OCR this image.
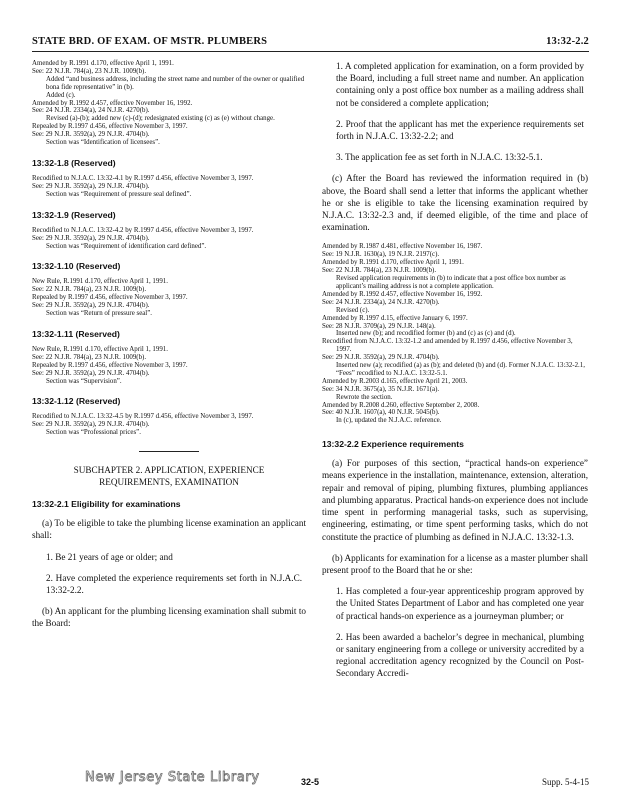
STATE BRD. OF EXAM. OF MSTR. PLUMBERS	13:32-2.2

Amended by R.1991 d.170, effective April 1, 1991.

See: 22 N.J.R. 784(a), 23 N.J.R. 1009(b).

Added “and business address, including the street name and number of the owner or qualified bona fide representative” in (b).

Added (c).

Amended by R.1992 d.457, effective November 16, 1992.

See: 24 N.J.R. 2334(a), 24 N.J.R. 4270(b).

Revised (a)-(b); added new (c)-(d); redesignated existing (c) as (e) without change.

Repealed by R.1997 d.456, effective November 3, 1997.

See: 29 N.J.R. 3592(a), 29 N.J.R. 4704(b).

Section was “Identification of licensees”.

13:32-1.8 (Reserved)

Recodified to N.J.A.C. 13:32-4.1 by R.1997 d.456, effective November 3, 1997.

See: 29 N.J.R. 3592(a), 29 N.J.R. 4704(b).

Section was “Requirement of pressure seal defined”.

13:32-1.9 (Reserved)

Recodified to N.J.A.C. 13:32-4.2 by R.1997 d.456, effective November 3, 1997.

See: 29 N.J.R. 3592(a), 29 N.J.R. 4704(b).

Section was “Requirement of identification card defined”.

13:32-1.10 (Reserved)

New Rule, R.1991 d.170, effective April 1, 1991.

See: 22 N.J.R. 784(a), 23 N.J.R. 1009(b).

Repealed by R.1997 d.456, effective November 3, 1997.

See: 29 N.J.R. 3592(a), 29 N.J.R. 4704(b).

Section was “Return of pressure seal”.

13:32-1.11 (Reserved)

New Rule, R.1991 d.170, effective April 1, 1991.

See: 22 N.J.R. 784(a), 23 N.J.R. 1009(b).

Repealed by R.1997 d.456, effective November 3, 1997.

See: 29 N.J.R. 3592(a), 29 N.J.R. 4704(b).

Section was “Supervision”.

13:32-1.12 (Reserved)

Recodified to N.J.A.C. 13:32-4.5 by R.1997 d.456, effective November 3, 1997.

See: 29 N.J.R. 3592(a), 29 N.J.R. 4704(b).

Section was “Professional prices”.

SUBCHAPTER 2. APPLICATION, EXPERIENCE
REQUIREMENTS, EXAMINATION

13:32-2.1 Eligibility for examinations

(a) To be eligible to take the plumbing license examination an applicant shall:

1. Be 21 years of age or older; and

2. Have completed the experience requirements set forth in N.J.A.C. 13:32-2.2.

(b) An applicant for the plumbing licensing examination shall submit to the Board:

1. A completed application for examination, on a form provided by the Board, including a full street name and number. An application containing only a post office box number as a mailing address shall not be considered a complete application;

2. Proof that the applicant has met the experience requirements set forth in N.J.A.C. 13:32-2.2; and

3. The application fee as set forth in N.J.A.C. 13:32-5.1.

(c) After the Board has reviewed the information required in (b) above, the Board shall send a letter that informs the applicant whether he or she is eligible to take the licensing examination required by N.J.A.C. 13:32-2.3 and, if deemed eligible, of the time and place of examination.

Amended by R.1987 d.481, effective November 16, 1987.

See: 19 N.J.R. 1630(a), 19 N.J.R. 2197(c).

Amended by R.1991 d.170, effective April 1, 1991.

See: 22 N.J.R. 784(a), 23 N.J.R. 1009(b).

Revised application requirements in (b) to indicate that a post office box number as applicant’s mailing address is not a complete application.

Amended by R.1992 d.457, effective November 16, 1992.

See: 24 N.J.R. 2334(a), 24 N.J.R. 4270(b).

Revised (c).

Amended by R.1997 d.15, effective January 6, 1997.

See: 28 N.J.R. 3709(a), 29 N.J.R. 148(a).

Inserted new (b); and recodified former (b) and (c) as (c) and (d).

Recodified from N.J.A.C. 13:32-1.2 and amended by R.1997 d.456, effective November 3, 1997.

See: 29 N.J.R. 3592(a), 29 N.J.R. 4704(b).

Inserted new (a); recodified (a) as (b); and deleted (b) and (d). Former N.J.A.C. 13:32-2.1, “Fees” recodified to N.J.A.C. 13:32-5.1.

Amended by R.2003 d.165, effective April 21, 2003.

See: 34 N.J.R. 3675(a), 35 N.J.R. 1671(a).

Rewrote the section.

Amended by R.2008 d.260, effective September 2, 2008.

See: 40 N.J.R. 1607(a), 40 N.J.R. 5045(b).

In (c), updated the N.J.A.C. reference.

13:32-2.2 Experience requirements

(a) For purposes of this section, “practical hands-on experience” means experience in the installation, maintenance, extension, alteration, repair and removal of piping, plumbing fixtures, plumbing appliances and plumbing apparatus. Practical hands-on experience does not include time spent in performing managerial tasks, such as supervising, engineering, estimating, or time spent performing tasks, which do not constitute the practice of plumbing as defined in N.J.A.C. 13:32-1.3.

(b) Applicants for examination for a license as a master plumber shall present proof to the Board that he or she:

1. Has completed a four-year apprenticeship program approved by the United States Department of Labor and has completed one year of practical hands-on experience as a journeyman plumber; or

2. Has been awarded a bachelor’s degree in mechanical, plumbing or sanitary engineering from a college or university accredited by a regional accreditation agency recognized by the Council on Post-Secondary Accredi-

New Jersey State Library	32-5	Supp. 5-4-15
